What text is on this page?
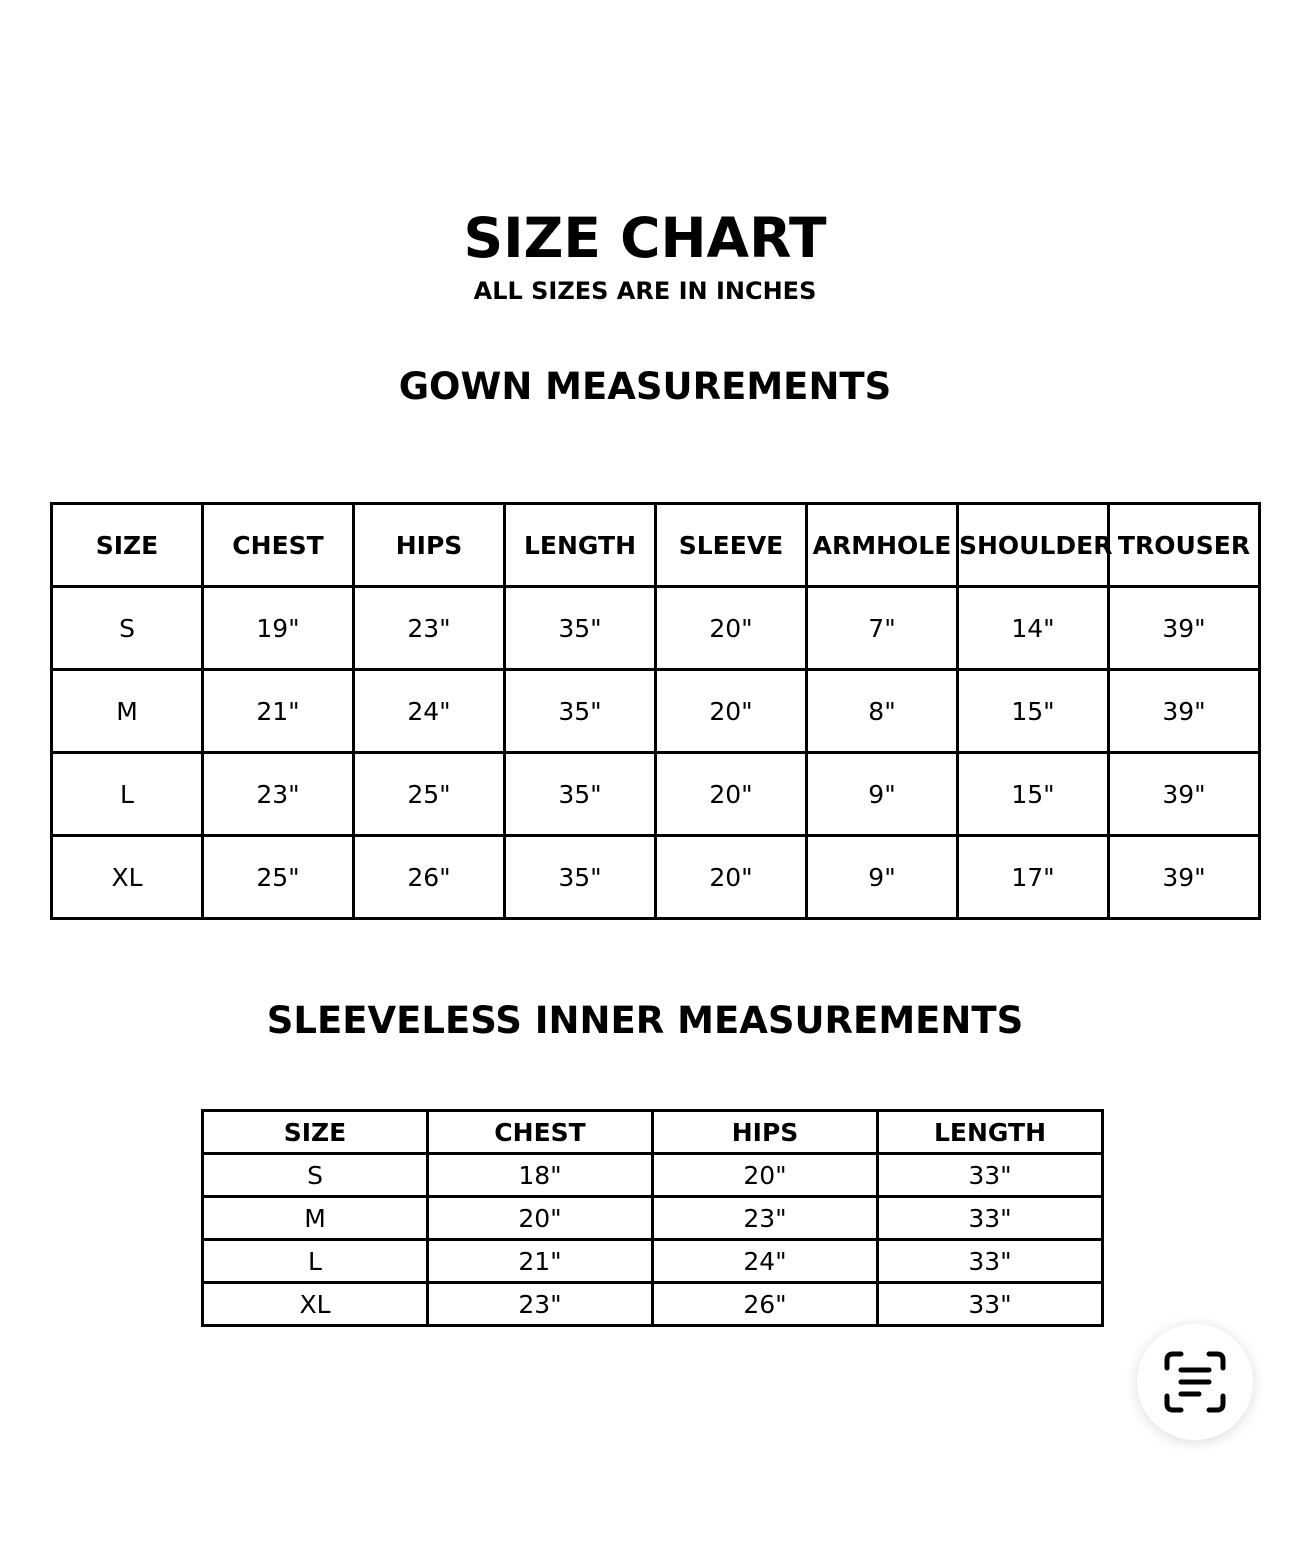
SIZE CHART

ALL SIZES ARE IN INCHES

GOWN MEASUREMENTS
SIZE	CHEST	HIPS	LENGTH	SLEEVE	ARMHOLE	SHOULDER	TROUSER
S	19"	23"	35"	20"	7"	14"	39"
M	21"	24"	35"	20"	8"	15"	39"
L	23"	25"	35"	20"	9"	15"	39"
XL	25"	26"	35"	20"	9"	17"	39"
SLEEVELESS INNER MEASUREMENTS
SIZE	CHEST	HIPS	LENGTH
S	18"	20"	33"
M	20"	23"	33"
L	21"	24"	33"
XL	23"	26"	33"
